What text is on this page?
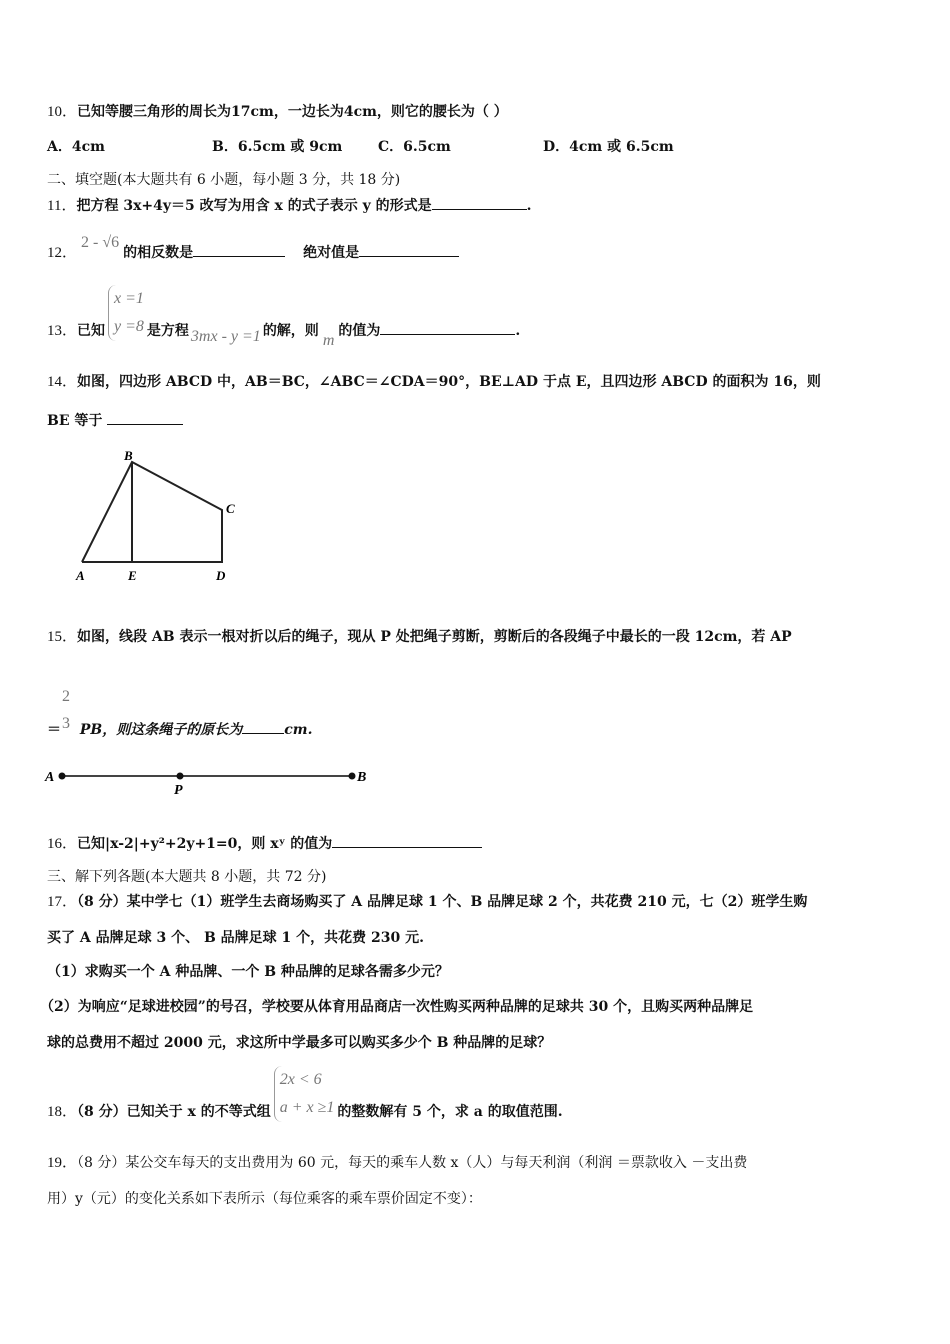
10．已知等腰三角形的周长为17cm，一边长为4cm，则它的腰长为（ ）
A．4cm	B．6.5cm 或 9cm	C．6.5cm	D．4cm 或 6.5cm
二、填空题(本大题共有 6 小题，每小题 3 分，共 18 分)
11．把方程 3x+4y＝5 改写为用含 x 的式子表示 y 的形式是	.
12．2 - √6的相反数是	绝对值是
13．已知
x =1
y =8 是方程 3mx - y =1 的解，则m的值为	.
14．如图，四边形 ABCD 中，AB＝BC，∠ABC＝∠CDA＝90°，BE⊥AD 于点 E，且四边形 ABCD 的面积为 16，则
BE 等于
B
C
A	E	D
15．如图，线段 AB 表示一根对折以后的绳子，现从 P 处把绳子剪断，剪断后的各段绳子中最长的一段 12cm，若 AP
＝
2
3 PB，则这条绳子的原长为	cm.
A
P
B
16．已知|x-2|+y²+2y+1=0，则 xʸ 的值为
三、解下列各题(本大题共 8 小题，共 72 分)
17．（8 分）某中学七（1）班学生去商场购买了 A 品牌足球 1 个、B 品牌足球 2 个，共花费 210 元，七（2）班学生购
买了 A 品牌足球 3 个、 B 品牌足球 1 个，共花费 230 元.
（1）求购买一个 A 种品牌、一个 B 种品牌的足球各需多少元？
（2）为响应“足球进校园”的号召，学校要从体育用品商店一次性购买两种品牌的足球共 30 个，且购买两种品牌足
球的总费用不超过 2000 元，求这所中学最多可以购买多少个 B 种品牌的足球？
18．（8 分）已知关于 x 的不等式组
2x < 6
a + x ≥1 的整数解有 5 个，求 a 的取值范围.
19．（8 分）某公交车每天的支出费用为 60 元，每天的乘车人数 x（人）与每天利润（利润 ＝票款收入 －支出费
用）y（元）的变化关系如下表所示（每位乘客的乘车票价固定不变）：
